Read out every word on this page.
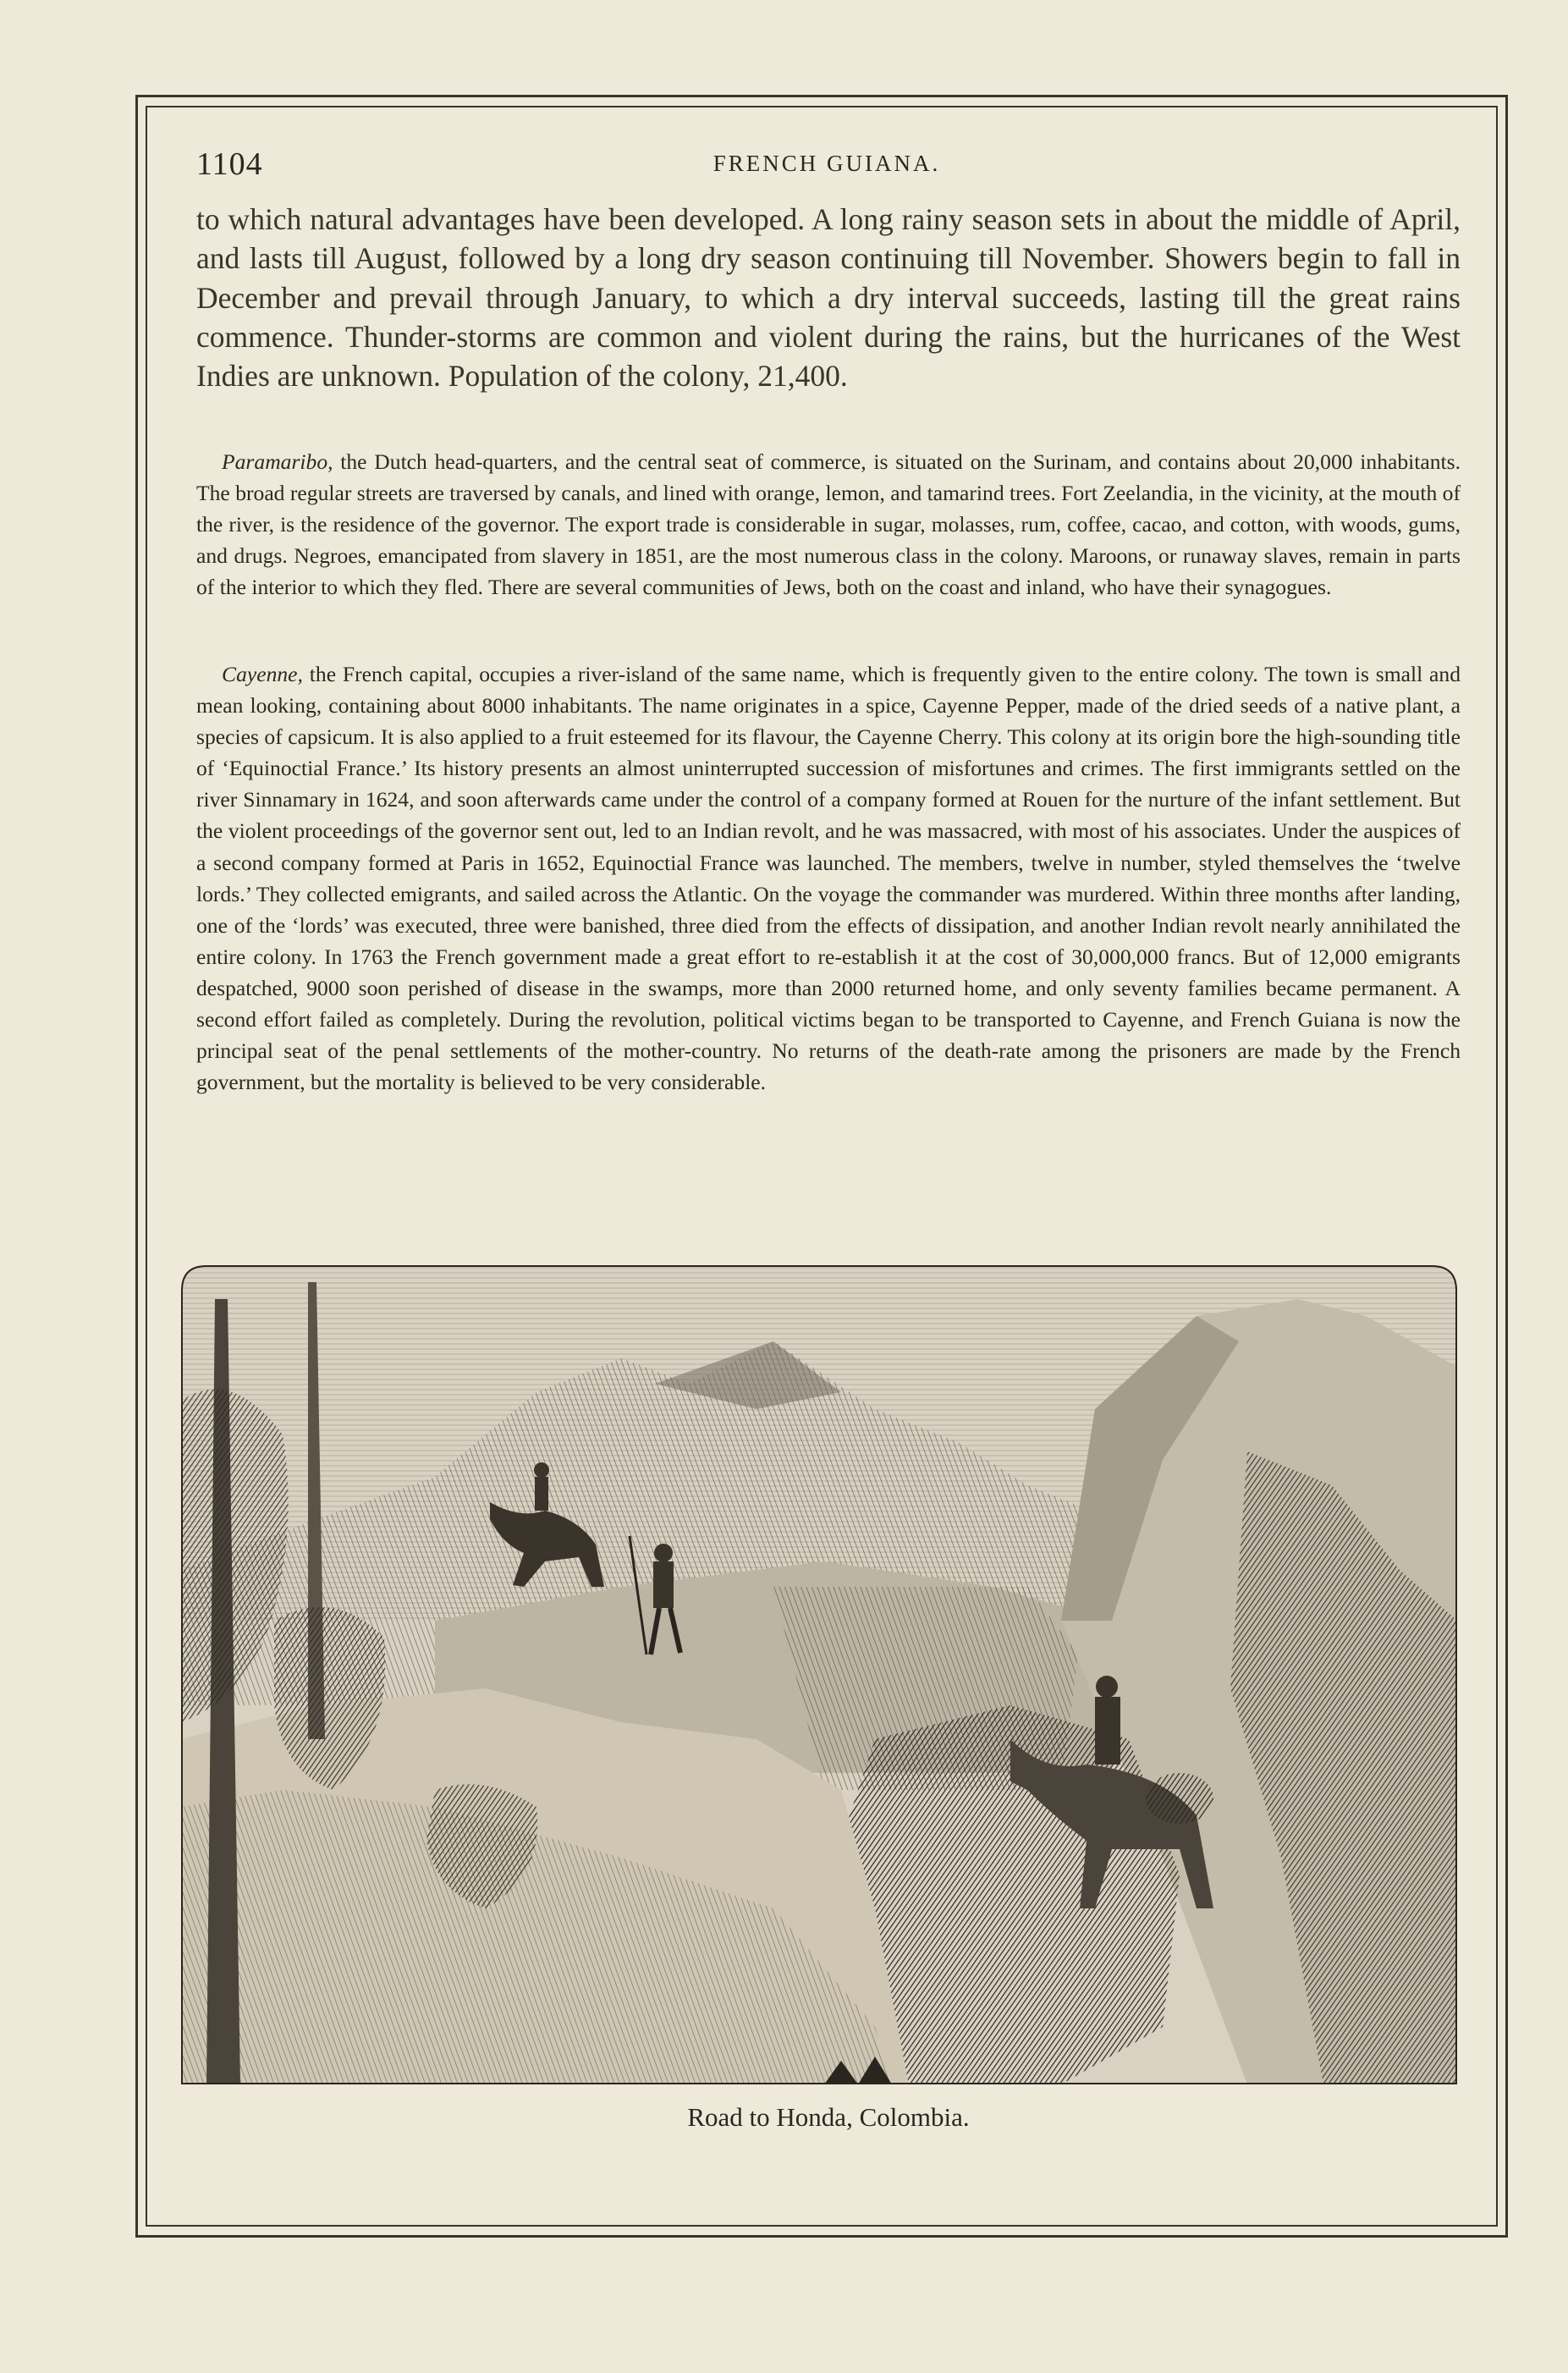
1104	FRENCH GUIANA.

to which natural advantages have been developed. A long rainy season sets in about the middle of April, and lasts till August, followed by a long dry season continuing till November. Showers begin to fall in December and prevail through January, to which a dry interval succeeds, lasting till the great rains commence. Thunder-storms are common and violent during the rains, but the hurricanes of the West Indies are unknown. Population of the colony, 21,400.

Paramaribo, the Dutch head-quarters, and the central seat of commerce, is situated on the Surinam, and contains about 20,000 inhabitants. The broad regular streets are traversed by canals, and lined with orange, lemon, and tamarind trees. Fort Zeelandia, in the vicinity, at the mouth of the river, is the residence of the governor. The export trade is considerable in sugar, molasses, rum, coffee, cacao, and cotton, with woods, gums, and drugs. Negroes, emancipated from slavery in 1851, are the most numerous class in the colony. Maroons, or runaway slaves, remain in parts of the interior to which they fled. There are several communities of Jews, both on the coast and inland, who have their synagogues.

Cayenne, the French capital, occupies a river-island of the same name, which is frequently given to the entire colony. The town is small and mean looking, containing about 8000 inhabitants. The name originates in a spice, Cayenne Pepper, made of the dried seeds of a native plant, a species of capsicum. It is also applied to a fruit esteemed for its flavour, the Cayenne Cherry. This colony at its origin bore the high-sounding title of ‘Equinoctial France.’ Its history presents an almost uninterrupted succession of misfortunes and crimes. The first immigrants settled on the river Sinnamary in 1624, and soon afterwards came under the control of a company formed at Rouen for the nurture of the infant settlement. But the violent proceedings of the governor sent out, led to an Indian revolt, and he was massacred, with most of his associates. Under the auspices of a second company formed at Paris in 1652, Equinoctial France was launched. The members, twelve in number, styled themselves the ‘twelve lords.’ They collected emigrants, and sailed across the Atlantic. On the voyage the commander was murdered. Within three months after landing, one of the ‘lords’ was executed, three were banished, three died from the effects of dissipation, and another Indian revolt nearly annihilated the entire colony. In 1763 the French government made a great effort to re-establish it at the cost of 30,000,000 francs. But of 12,000 emigrants despatched, 9000 soon perished of disease in the swamps, more than 2000 returned home, and only seventy families became permanent. A second effort failed as completely. During the revolution, political victims began to be transported to Cayenne, and French Guiana is now the principal seat of the penal settlements of the mother-country. No returns of the death-rate among the prisoners are made by the French government, but the mortality is believed to be very considerable.

Road to Honda, Colombia.
